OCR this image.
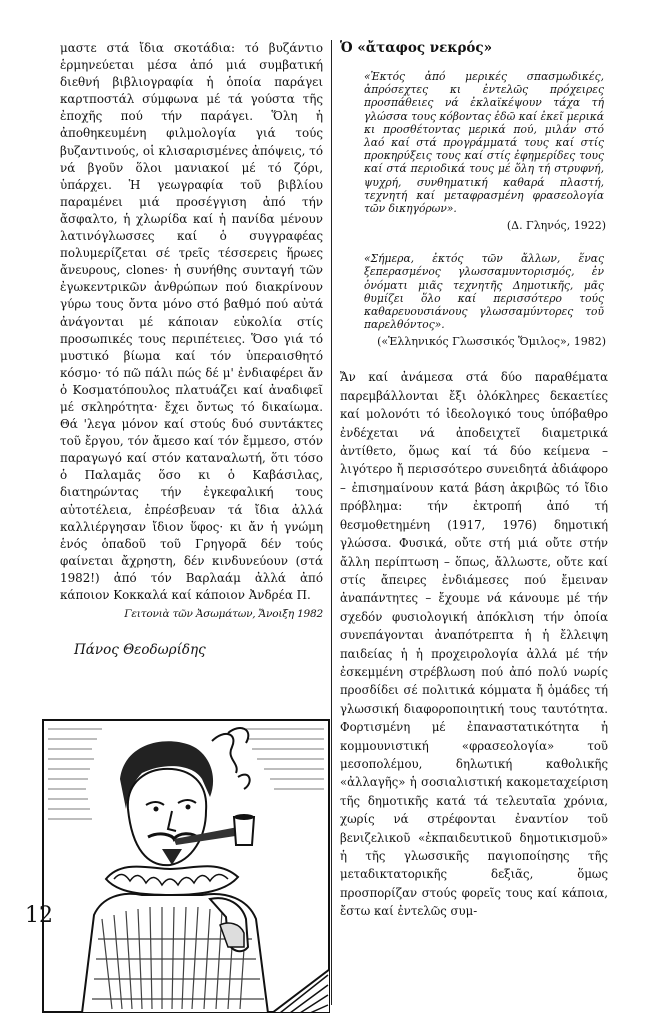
μαστε στά ἴδια σκοτάδια: τό βυζάντιο ἑρμηνεύεται μέσα ἀπό μιά συμβατική διεθνή βιβλιογραφία ἡ ὁποία παράγει καρτποστάλ σύμφωνα μέ τά γούστα τῆς ἐποχῆς πού τήν παράγει. Ὅλη ἡ ἀποθηκευμένη φιλμολογία γιά τούς βυζαντινούς, οἱ κλισαρισμένες ἀπόψεις, τό νά βγοῦν ὅλοι μανιακοί μέ τό ζόρι, ὑπάρχει. Ἡ γεωγραφία τοῦ βιβλίου παραμένει μιά προσέγγιση ἀπό τήν ἄσφαλτο, ἡ χλωρίδα καί ἡ πανίδα μένουν λατινόγλωσσες καί ὁ συγγραφέας πολυμερίζεται σέ τρεῖς τέσσερεις ἥρωες ἄνευρους, clones· ἡ συνήθης συνταγή τῶν ἐγωκεντρικῶν ἀνθρώπων πού διακρίνουν γύρω τους ὄντα μόνο στό βαθμό πού αὐτά ἀνάγονται μέ κάποιαν εὐκολία στίς προσωπικές τους περιπέτειες. Ὅσο γιά τό μυστικό βίωμα καί τόν ὑπεραισθητό κόσμο· τό πῶ πάλι πώς δέ μ' ἐνδιαφέρει ἄν ὁ Κοσματόπουλος πλατυάζει καί ἀναδιφεῖ μέ σκληρότητα· ἔχει ὄντως τό δικαίωμα. Θά 'λεγα μόνον καί στούς δυό συντάκτες τοῦ ἔργου, τόν ἄμεσο καί τόν ἔμμεσο, στόν παραγωγό καί στόν καταναλωτή, ὅτι τόσο ὁ Παλαμᾶς ὅσο κι ὁ Καβάσιλας, διατηρώντας τήν ἐγκεφαλική τους αὐτοτέλεια, ἐπρέσβευαν τά ἴδια ἀλλά καλλιέργησαν ἴδιον ὕφος· κι ἄν ἡ γνώμη ἑνός ὁπαδοῦ τοῦ Γρηγορᾶ δέν τούς φαίνεται ἄχρηστη, δέν κινδυνεύουν (στά 1982!) ἀπό τόν Βαρλαάμ ἀλλά ἀπό κάποιον Κοκκαλά καί κάποιον Ἀνδρέα Π.

Γειτονιὰ τῶν Ἀσωμάτων, Ἄνοιξη 1982
Πάνος Θεοδωρίδης
Ὁ «ἄταφος νεκρός»

«Ἐκτός ἀπό μερικές σπασμωδικές, ἀπρόσεχτες κι ἐντελῶς πρόχειρες προσπάθειες νά ἐκλαϊκέψουν τάχα τή γλώσσα τους κόβοντας ἐδῶ καί ἐκεῖ μερικά κι προσθέτοντας μερικά πού, μιλάν στό λαό καί στά προγράμματά τους καί στίς προκηρύξεις τους καί στίς ἐφημερίδες τους καί στά περιοδικά τους μέ ὅλη τή στρυφνή, ψυχρή, συνθηματική καθαρά πλαστή, τεχνητή καί μεταφρασμένη φρασεολογία τῶν δικηγόρων».

(Δ. Γληνός, 1922)

«Σήμερα, ἐκτός τῶν ἄλλων, ἕνας ξεπερασμένος γλωσσαμυντορισμός, ἐν ὀνόματι μιᾶς τεχνητῆς Δημοτικῆς, μᾶς θυμίζει ὅλο καί περισσότερο τούς καθαρευουσιάνους γλωσσαμύντορες τοῦ παρελθόντος».

(«Ἑλληνικός Γλωσσικός Ὅμιλος», 1982)

Ἄν καί ἀνάμεσα στά δύο παραθέματα παρεμβάλλονται ἔξι ὁλόκληρες δεκαετίες καί μολονότι τό ἰδεολογικό τους ὑπόβαθρο ἐνδέχεται νά ἀποδειχτεῖ διαμετρικά ἀντίθετο, ὅμως καί τά δύο κείμενα – λιγότερο ἤ περισσότερο συνειδητά ἀδιάφορο – ἐπισημαίνουν κατά βάση ἀκριβῶς τό ἴδιο πρόβλημα: τήν ἐκτροπή ἀπό τή θεσμοθετημένη (1917, 1976) δημοτική γλώσσα. Φυσικά, οὔτε στή μιά οὔτε στήν ἄλλη περίπτωση – ὅπως, ἄλλωστε, οὔτε καί στίς ἄπειρες ἐνδιάμεσες πού ἔμειναν ἀναπάντητες – ἔχουμε νά κάνουμε μέ τήν σχεδόν φυσιολογική ἀπόκλιση τήν ὁποία συνεπάγονται ἀναπότρεπτα ἡ ἡ ἔλλειψη παιδείας ἡ ἡ προχειρολογία ἀλλά μέ τήν ἐσκεμμένη στρέβλωση πού ἀπό πολύ νωρίς προσδίδει σέ πολιτικά κόμματα ἤ ὁμάδες τή γλωσσική διαφοροποιητική τους ταυτότητα. Φορτισμένη μέ ἐπαναστατικότητα ἡ κομμουνιστική «φρασεολογία» τοῦ μεσοπολέμου, δηλωτική καθολικῆς «ἀλλαγῆς» ἡ σοσιαλιστική κακομεταχείριση τῆς δημοτικῆς κατά τά τελευταῖα χρόνια, χωρίς νά στρέφονται ἐναντίον τοῦ βενιζελικοῦ «ἐκπαιδευτικοῦ δημοτικισμοῦ» ἡ τῆς γλωσσικῆς παγιοποίησης τῆς μεταδικτατορικῆς δεξιᾶς, ὅμως προσπορίζαν στούς φορεῖς τους καί κάποια, ἔστω καί ἐντελῶς συμ-

12
